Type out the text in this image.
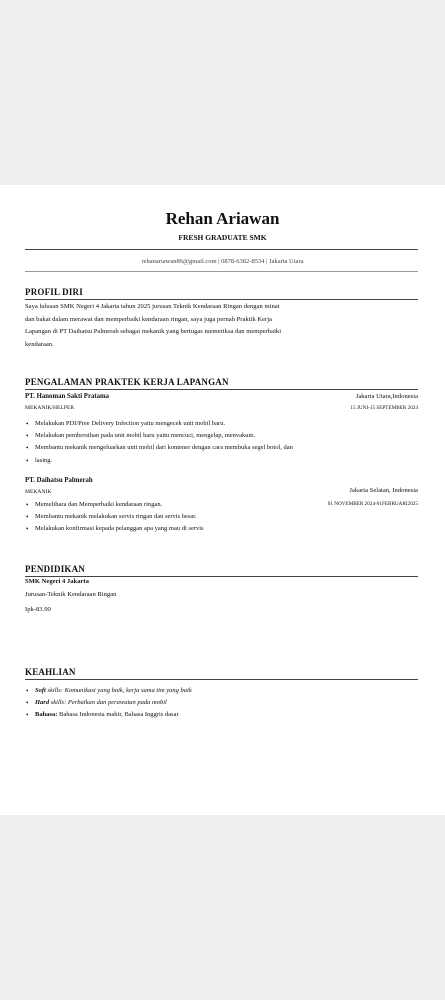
Rehan Ariawan
FRESH GRADUATE SMK
rehanariawan86@gmail.com | 0878-6382-8534 | Jakarta Utara
PROFIL DIRI
Saya lulusan SMK Negeri 4 Jakarta tahun 2025 jurusan Teknik Kendaraan Ringan dengan minat
dan bakat dalam merawat dan memperbaiki kendaraan ringan, saya juga pernah Praktik Kerja
Lapangan di PT Daihatsu Palmerah sebagai mekanik yang bertugas memeriksa dan memperbaiki
kendaraan.
PENGALAMAN PRAKTEK KERJA LAPANGAN
PT. Hanoman Sakti Pratama	Jakarta Utara,Indonesia
MEKANIK/HELPER	15 JUNI-15 SEPTEMBER 2024
• Melakukan PDI/Pree Delivery Infection yaitu mengecek unit mobil baru.
• Melakukan pembersihan pada unit mobil baru yaitu mencuci, mengelap, menvakum.
• Membantu mekanik mengeluarkan unit mobil dari kontener dengan cara membuka segel botol, dan
• lasing.
PT. Daihatsu Palmerah
MEKANIK	Jakarta Selatan, Indonesia
01 NOVEMBER 2024-01FEBRUARI2025
• Memelihara dan Memperbaiki kendaraan ringan.
• Membantu mekanik melakukan servis ringan dan servis besar.
• Melakukan konfirmasi kepada pelanggan apa yang mau di servis
PENDIDIKAN
SMK Negeri 4 Jakarta
Jurusan-Teknik Kendaraan Ringan
Ipk-83.90
KEAHLIAN
• Soft skills: Komunikasi yang baik, kerja sama tim yang baik
• Hard skills: Perbaikan dan perawatan pada mobil
• Bahasa: Bahasa Indonesia mahir, Bahasa Inggris dasar
